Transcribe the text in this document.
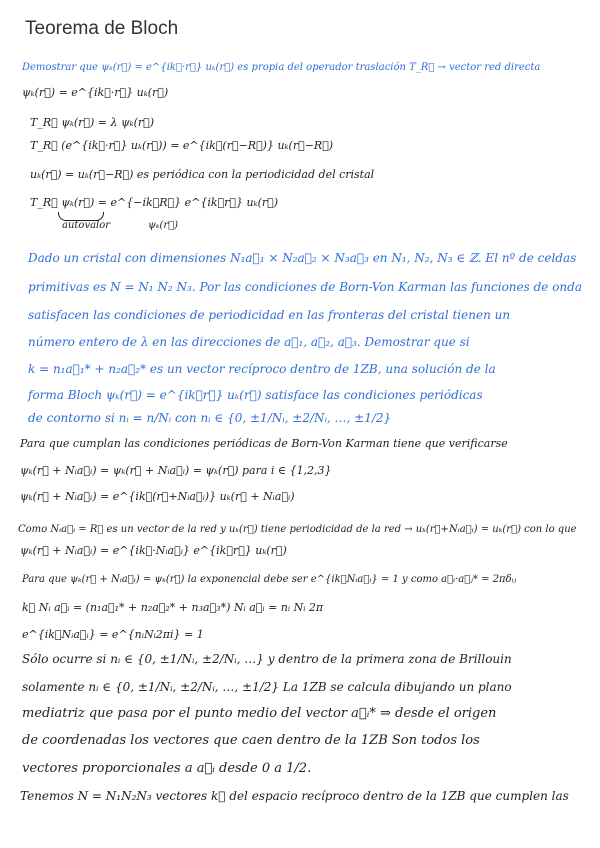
Teorema de Bloch
Demostrar que ψₖ(r⃗) = e^{ik⃗·r⃗} uₖ(r⃗) es propia del operador traslación T_R⃗ → vector red directa
ψₖ(r⃗) = e^{ik⃗·r⃗} uₖ(r⃗)
T_R⃗ ψₖ(r⃗) = λ ψₖ(r⃗)
T_R⃗ (e^{ik⃗·r⃗} uₖ(r⃗)) = e^{ik⃗(r⃗−R⃗)} uₖ(r⃗−R⃗)
uₖ(r⃗) = uₖ(r⃗−R⃗) es periódica con la periodicidad del cristal
T_R⃗ ψₖ(r⃗) = e^{−ik⃗R⃗} e^{ik⃗r⃗} uₖ(r⃗)
autovalor	ψₖ(r⃗)
Dado un cristal con dimensiones N₁a⃗₁ × N₂a⃗₂ × N₃a⃗₃ en N₁, N₂, N₃ ∈ ℤ. El nº de celdas
primitivas es N = N₁ N₂ N₃. Por las condiciones de Born-Von Karman las funciones de onda
satisfacen las condiciones de periodicidad en las fronteras del cristal tienen un
número entero de λ en las direcciones de a⃗₁, a⃗₂, a⃗₃. Demostrar que si
k = n₁a⃗₁* + n₂a⃗₂* es un vector recíproco dentro de 1ZB, una solución de la
forma Bloch ψₖ(r⃗) = e^{ik⃗r⃗} uₖ(r⃗) satisface las condiciones periódicas
de contorno si nᵢ = n/Nᵢ con nᵢ ∈ {0, ±1/Nᵢ, ±2/Nᵢ, …, ±1/2}
Para que cumplan las condiciones periódicas de Born-Von Karman tiene que verificarse
ψₖ(r⃗ + Nᵢa⃗ᵢ) = ψₖ(r⃗ + Nᵢa⃗ᵢ) = ψₖ(r⃗) para i ∈ {1,2,3}
ψₖ(r⃗ + Nᵢa⃗ᵢ) = e^{ik⃗(r⃗+Nᵢa⃗ᵢ)} uₖ(r⃗ + Nᵢa⃗ᵢ)
Como Nᵢa⃗ᵢ = R⃗ es un vector de la red y uₖ(r⃗) tiene periodicidad de la red → uₖ(r⃗+Nᵢa⃗ᵢ) = uₖ(r⃗) con lo que
ψₖ(r⃗ + Nᵢa⃗ᵢ) = e^{ik⃗·Nᵢa⃗ᵢ} e^{ik⃗r⃗} uₖ(r⃗)
Para que ψₖ(r⃗ + Nᵢa⃗ᵢ) = ψₖ(r⃗) la exponencial debe ser e^{ik⃗Nᵢa⃗ᵢ} = 1 y como a⃗ᵢ·a⃗ⱼ* = 2πδᵢⱼ
k⃗ Nᵢ a⃗ᵢ = (n₁a⃗₁* + n₂a⃗₂* + n₃a⃗₃*) Nᵢ a⃗ᵢ = nᵢ Nᵢ 2π
e^{ik⃗Nᵢa⃗ᵢ} = e^{nᵢNᵢ2πi} = 1
Sólo ocurre si nᵢ ∈ {0, ±1/Nᵢ, ±2/Nᵢ, …} y dentro de la primera zona de Brillouin
solamente nᵢ ∈ {0, ±1/Nᵢ, ±2/Nᵢ, …, ±1/2} La 1ZB se calcula dibujando un plano
mediatriz que pasa por el punto medio del vector a⃗ᵢ* ⇒ desde el origen
de coordenadas los vectores que caen dentro de la 1ZB Son todos los
vectores proporcionales a a⃗ᵢ desde 0 a 1/2.
Tenemos N = N₁N₂N₃ vectores k⃗ del espacio recíproco dentro de la 1ZB que cumplen las
